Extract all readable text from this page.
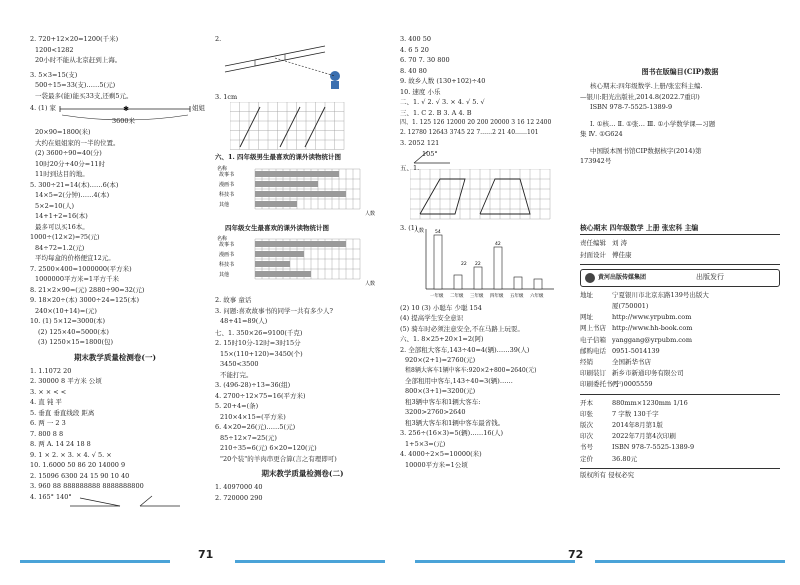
2. 720+12×20=1200(千米)
1200<1282
20小时不能从北京赶到上海。
3. 5×3=15(支)
500÷15=33(支)……5(元)
一袋最多(能)能买33支,还剩5元。
4. (1) 家	✱	姐姐
3600米
20×90=1800(米)
大约在姐姐家的一半的位置。
(2) 3600÷90=40(分)
10时20分+40分=11时
11时到达目的地。
5. 300÷21=14(本)……6(本)
14×5=2(分钟)……4(本)
5×2=10(人)
14+1+2=16(本)
最多可以买16本。
1000÷(12×2)=?5(元)
84÷72=1.2(元)
平均每盒的价格便宜12元。
7. 2500×400=1000000(平方米)
1000000平方米=1平方千米
8. 21×2×90=(元) 2880÷90=32(元)
9. 18×20÷(本) 3000÷24=125(本)
240×(10+14)=(元)
10. (1) 5×12=3000(本)
(2) 125×40=5000(本)
(3) 1250×15=1800(包)
期末教学质量检测卷(一)
1. 1.1072 20
2. 30000 8 平方米 公顷
3. × × < <
4. 直 钝 平
5. 垂直 垂直线段 距离
6. 两 一 2 3
7. 800 8 8
8. 两 A. 14 24 18 8
9. 1 × 2. × 3. × 4. √ 5. ×
10. 1.6000 50 86 20 14000 9
2. 15096 6300 24 15 90 10 40
3. 960 88 888888888 8888888800
4. 165° 140°
2.
3. 1cm
六、1. 四年级男生最喜欢的课外读物统计图
名称
人数
故事书
漫画书
科技书
其他
四年级女生最喜欢的课外读物统计图
名称
人数
故事书
漫画书
科技书
其他
2. 故事 童话
3. 问题:喜欢故事书的同学一共有多少人?
48+41=89(人)
七、1. 350×26=9100(千克)
2. 15时10分-12时=3时15分
15×(110+120)=3450(个)
3450<3500
不能打完。
3. (496-28)÷13=36(组)
4. 2700÷12×75=16(平方米)
5. 20+4=(条)
210×4×15=(平方米)
6. 4×20=26(元)……5(元)
85÷12×7=25(元)
210÷35=6(元) 6×20=120(元)
"20个装"的羊肉串更合算(言之有理即可)
期末教学质量检测卷(二)
1. 4097000 40
2. 720000 290
71
3. 400 50
4. 6 5 20
6. 70 7. 30 800
8. 40 80
9. 故乡人数 (130+102)÷40
10. 速度 小乐
二、1. √ 2. √ 3. × 4. √ 5. √
三、1. C 2. B 3. A 4. B
四、1. 125 126 12000 20 200 20000 3 16 12 2400
2. 12780 12643 3745 22 7……2 21 40……101
3. 2052 121
105°
五、1.
3. (1)
人数
一年级 二年级 三年级 四年级 五年级 六年级
54
22
42
22
(2) 10 (3) 小聪车 少聪 154
(4) 提高学生安全意识
(5) 骑车时必须注意安全,不在马路上玩耍。
六、1. 8×25+20×1=2(阿)
2. 全部租大客车,143÷40=4(辆)……39(人)
920×(2+1)=2760(元)
租8辆大客车1辆中客车:920×2+800=2640(元)
全部租用中客车,143÷40=3(辆)……
800×(3+1)=3200(元)
租3辆中客车和1辆大客车:
3200>2760>2640
租3辆大客车和1辆中客车最省钱。
3. 256÷(16×3)=5(辆)……16(人)
1+5×3=(元)
4. 4000÷2×5=10000(米)
10000平方米=1公顷
图书在版编目(CIP)数据
核心期末:四年级数学.上册/张宏科主编.
—银川:阳光出版社,2014.8(2022.7重印)
ISBN 978-7-5525-1389-9
Ⅰ. ①核… Ⅱ. ①张… Ⅲ. ①小学数学课—习题
集 Ⅳ. ①G624
中国版本图书馆CIP数据核字(2014)第
173942号
核心期末 四年级数学 上册 张宏科 主编
责任编辑 刘 涛
封面设计 傅佳康
黄河出版传媒集团	出版发行
地址	宁夏银川市北京东路139号出版大
厦(750001)
网址	http://www.yrpubm.com
网上书店 http://www.hh-book.com
电子信箱 yanggang@yrpubm.com
邮购电话 0951-5014139
经销	全国新华书店
印刷装订 新乡市新通印务有限公司
印刷委托书号(宁)0005559
开本	880mm×1230mm 1/16
印张	7 字数 130千字
版次	2014年8月第1版
印次	2022年7月第4次印刷
书号	ISBN 978-7-5525-1389-9
定价	36.80元
版权所有 侵权必究
72
